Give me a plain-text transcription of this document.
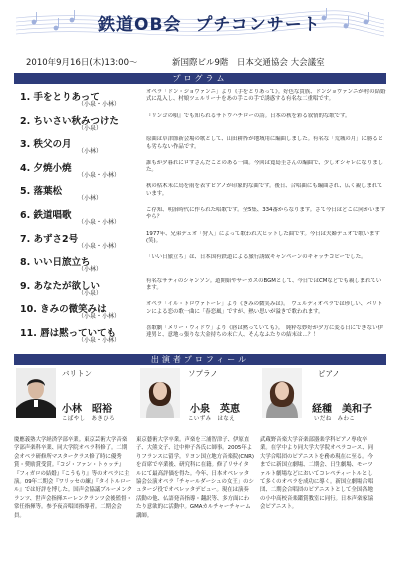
鉄道OB会 プチコンサート
2010年9月16日(木)13:00～	新国際ビル9階　日本交通協会 大会議室
プログラム
1. 手をとりあって
（小泉・小林）
オペラ「ドン・ジョヴァンニ」より《手をとりあって》。好色な貴族、ドンジョヴァンニが村の結婚式に乱入し、村娘ツェルリーナをあの手この手で誘惑する有名な二重唱です。
2. ちいさい秋みつけた
（小泉）
『リンゴの唄』でも知られるサトウハチローの詩。日本の秋を彩る叙情的な歌です。
3. 秩父の月
（小林）
原曲は草津節新会場の歌として、山田耕筰が地域用に編曲しました。有名な「荒城の月」に勝るとも劣らない作品です。
4. 夕焼小焼
（小泉・小林）
誰もが夕暮れにロずさんだことのある一曲。今回は寛島圭さんの編曲で、少しオシャレになりました。
5. 落葉松
（小林）
秋の枯木末に鳥を雨を表すピアノが印象的な曲です。後日、合唱曲にも編曲され、広く親しまれています。
6. 鉄道唱歌
（小泉・小林）
ご存知、明治時代に作られた唱歌です。全5集、334番からなります。さて今日はどこに向かいますやら？
7. あずさ2号
（小泉・小林）
1977年、兄弟デュオ「狩人」によって歌われ大ヒットした曲です。今日は夫婦デュオで歌います(笑)。
8. いい日旅立ち
（小林）
「いい日旅立ち」は、日本国有鉄道による旅行誘致キャンペーンのキャッチコピーでした。
9. あなたが欲しい
（小泉）
有名なサティのシャンソン。道開始やサーカスのBGMとして、今日ではCMなどでも親しまれています。
10. きみの微笑みは
（小泉・小林）
オペラ「イル・トロヴァトーレ」より《きみの微笑みは》。　ヴェルディオペラでは珍しい、バリトンによる恋の歌一曲に「春恋風」ですが、熱い思いが溢きで歌われます。
11. 唇は黙っていても
（小泉・小林）
喜歌劇「メリー・ウィドウ」より《唇は黙っていても》。　純粋な妙好が夕方に変る日にできない伊達男と、意地っ張りな大金持ちの未亡人、そんなふたりの結末は…？！
出演者プロフィール
バリトン
小林　昭裕
こばやし　あきひろ
慶應義塾大学経済学部卒業。東京芸術大学音楽学部声楽科卒業、同大学院オペラ科修了。二期会オペラ研修所マスタークラス修了時に優秀賞・奨励賞受賞。『コジ・ファン・トゥッテ』『フィガロの結婚』『こうもり』等のオペラに主演。09年二期会『ワリッセの練』『タイトルロール』では好評を博した。国声会協議ブルーメンクランツ、世声会指揮エーレンクランツ会後監督・常任指揮等。参予夜音唱団指導者。二期会会員。
ソプラノ
小泉　英恵
こいずみ　はなえ
東京藝術大学卒業。声楽を三浦智津子、伊原直子、大熊文子、辻中伸子各氏に師事。2005年よりフランスに留学。リヨン国立地方音楽院(CNR)を首席で卒業後、研究科に在籍。修了リサイタルにて最高評価を得た。今年、日本オペレッタ協会公演オペラ「チャールダーシュの女王」のシュタージ役でオペレッタデビュー。現在は演奏活動の他、仏語発音指導・翻訳等、多方面にわたり意欲的に活動中。GMAカルチャーチャーム講師。
ピアノ
経種　美和子
いだね　みわこ
武蔵野音楽大学音楽部器楽学科ピアノ専攻卒業。在学中より同大学大学院オペラコース、同大学合唱団のピアニストを務め現在に至る。今までに新国立劇場、二期会、日生劇場、モーツァルト劇場などにおいてコレペティートルとして多くのオペラを成功に導く。新国立劇場合唱団、二期会合唱団のピアニストとして全国各地の小中高校音楽鑑賞教室に同行。日本声楽家協会ピアニスト。
